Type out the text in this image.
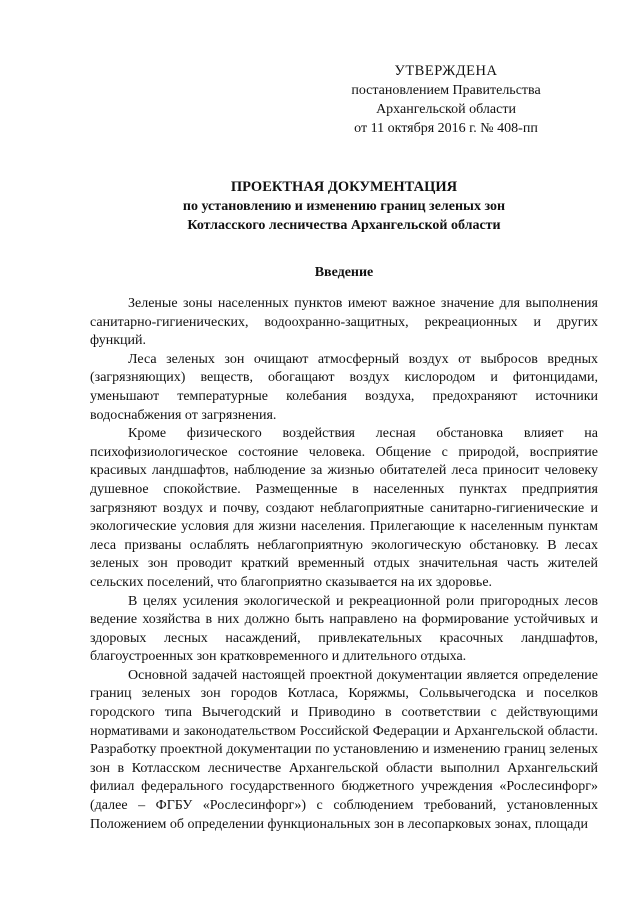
УТВЕРЖДЕНА
постановлением Правительства
Архангельской области
от 11 октября 2016 г. № 408-пп
ПРОЕКТНАЯ ДОКУМЕНТАЦИЯ
по установлению и изменению границ зеленых зон
Котласского лесничества Архангельской области
Введение

Зеленые зоны населенных пунктов имеют важное значение для выполнения санитарно-гигиенических, водоохранно-защитных, рекреационных и других функций.

Леса зеленых зон очищают атмосферный воздух от выбросов вредных (загрязняющих) веществ, обогащают воздух кислородом и фитонцидами, уменьшают температурные колебания воздуха, предохраняют источники водоснабжения от загрязнения.

Кроме физического воздействия лесная обстановка влияет на психофизиологическое состояние человека. Общение с природой, восприятие красивых ландшафтов, наблюдение за жизнью обитателей леса приносит человеку душевное спокойствие. Размещенные в населенных пунктах предприятия загрязняют воздух и почву, создают неблагоприятные санитарно-гигиенические и экологические условия для жизни населения. Прилегающие к населенным пунктам леса призваны ослаблять неблагоприятную экологическую обстановку. В лесах зеленых зон проводит краткий временный отдых значительная часть жителей сельских поселений, что благоприятно сказывается на их здоровье.

В целях усиления экологической и рекреационной роли пригородных лесов ведение хозяйства в них должно быть направлено на формирование устойчивых и здоровых лесных насаждений, привлекательных красочных ландшафтов, благоустроенных зон кратковременного и длительного отдыха.

Основной задачей настоящей проектной документации является определение границ зеленых зон городов Котласа, Коряжмы, Сольвычегодска и поселков городского типа Вычегодский и Приводино в соответствии с действующими нормативами и законодательством Российской Федерации и Архангельской области. Разработку проектной документации по установлению и изменению границ зеленых зон в Котласском лесничестве Архангельской области выполнил Архангельский филиал федерального государственного бюджетного учреждения «Рослесинфорг» (далее – ФГБУ «Рослесинфорг») с соблюдением требований, установленных Положением об определении функциональных зон в лесопарковых зонах, площади
